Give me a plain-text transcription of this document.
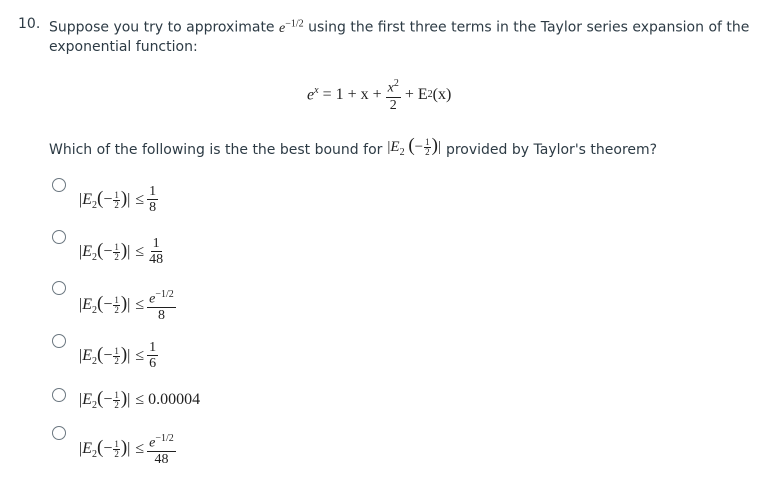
10. Suppose you try to approximate $e^{-1/2}$ using the first three terms in the Taylor series expansion of the
exponential function:
$e^x = 1 + x + \frac{x^2}{2} + E$ 2 (x)
Which of the following is the the best bound for $|E_2$ (− $\frac{1}{2}$ )| provided by Taylor's theorem?
$|E_2(- \frac{1}{2}$ )| ≤ $\frac{1}{8}$
$|E_2(- \frac{1}{2}$ )| ≤ $\frac{1}{48}$
$|E_2(- \frac{1}{2}$ )| ≤ $\frac{e^{-1/2}}{8}$
$|E_2(- \frac{1}{2}$ )| ≤ $\frac{1}{6}$
$|E_2(- \frac{1}{2}$ )| ≤ 0.00004
$|E_2(- \frac{1}{2}$ )| ≤ $\frac{e^{-1/2}}{48}$
